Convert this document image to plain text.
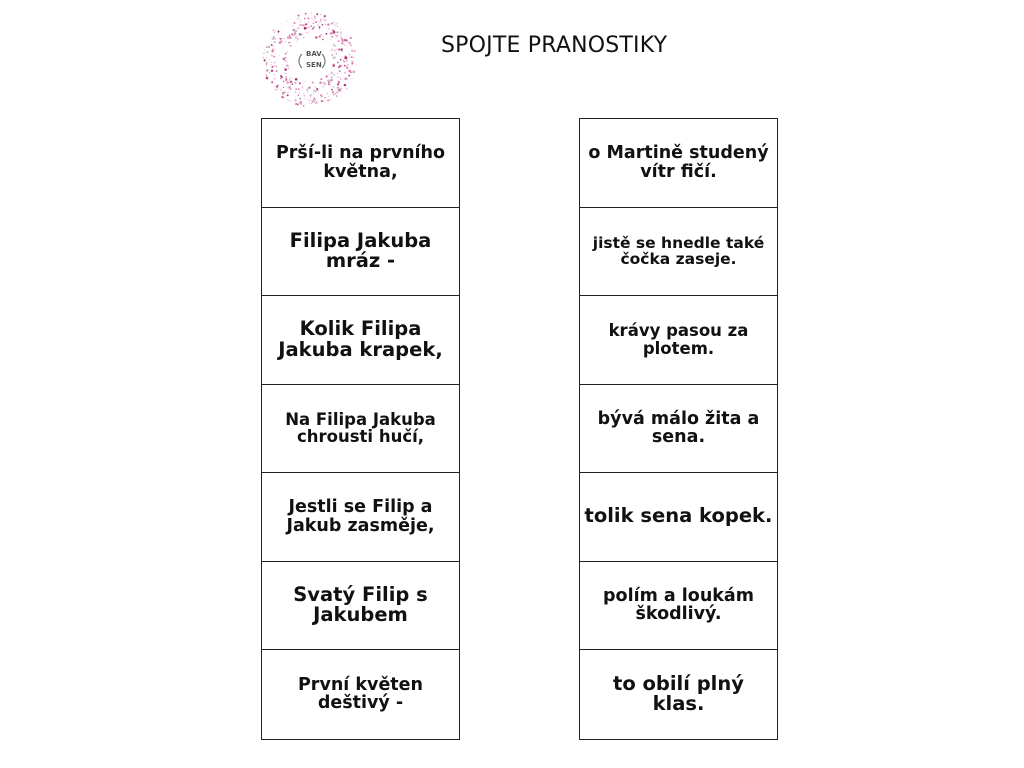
BAV
SEN
SPOJTE PRANOSTIKY
Prší-li na prvního května,
Filipa Jakuba mráz -
Kolik Filipa Jakuba krapek,
Na Filipa Jakuba chrousti hučí,
Jestli se Filip a Jakub zasměje,
Svatý Filip s Jakubem
První květen deštivý -
o Martině studený vítr fičí.
jistě se hnedle také čočka zaseje.
krávy pasou za plotem.
bývá málo žita a sena.
tolik sena kopek.
polím a loukám škodlivý.
to obilí plný klas.
